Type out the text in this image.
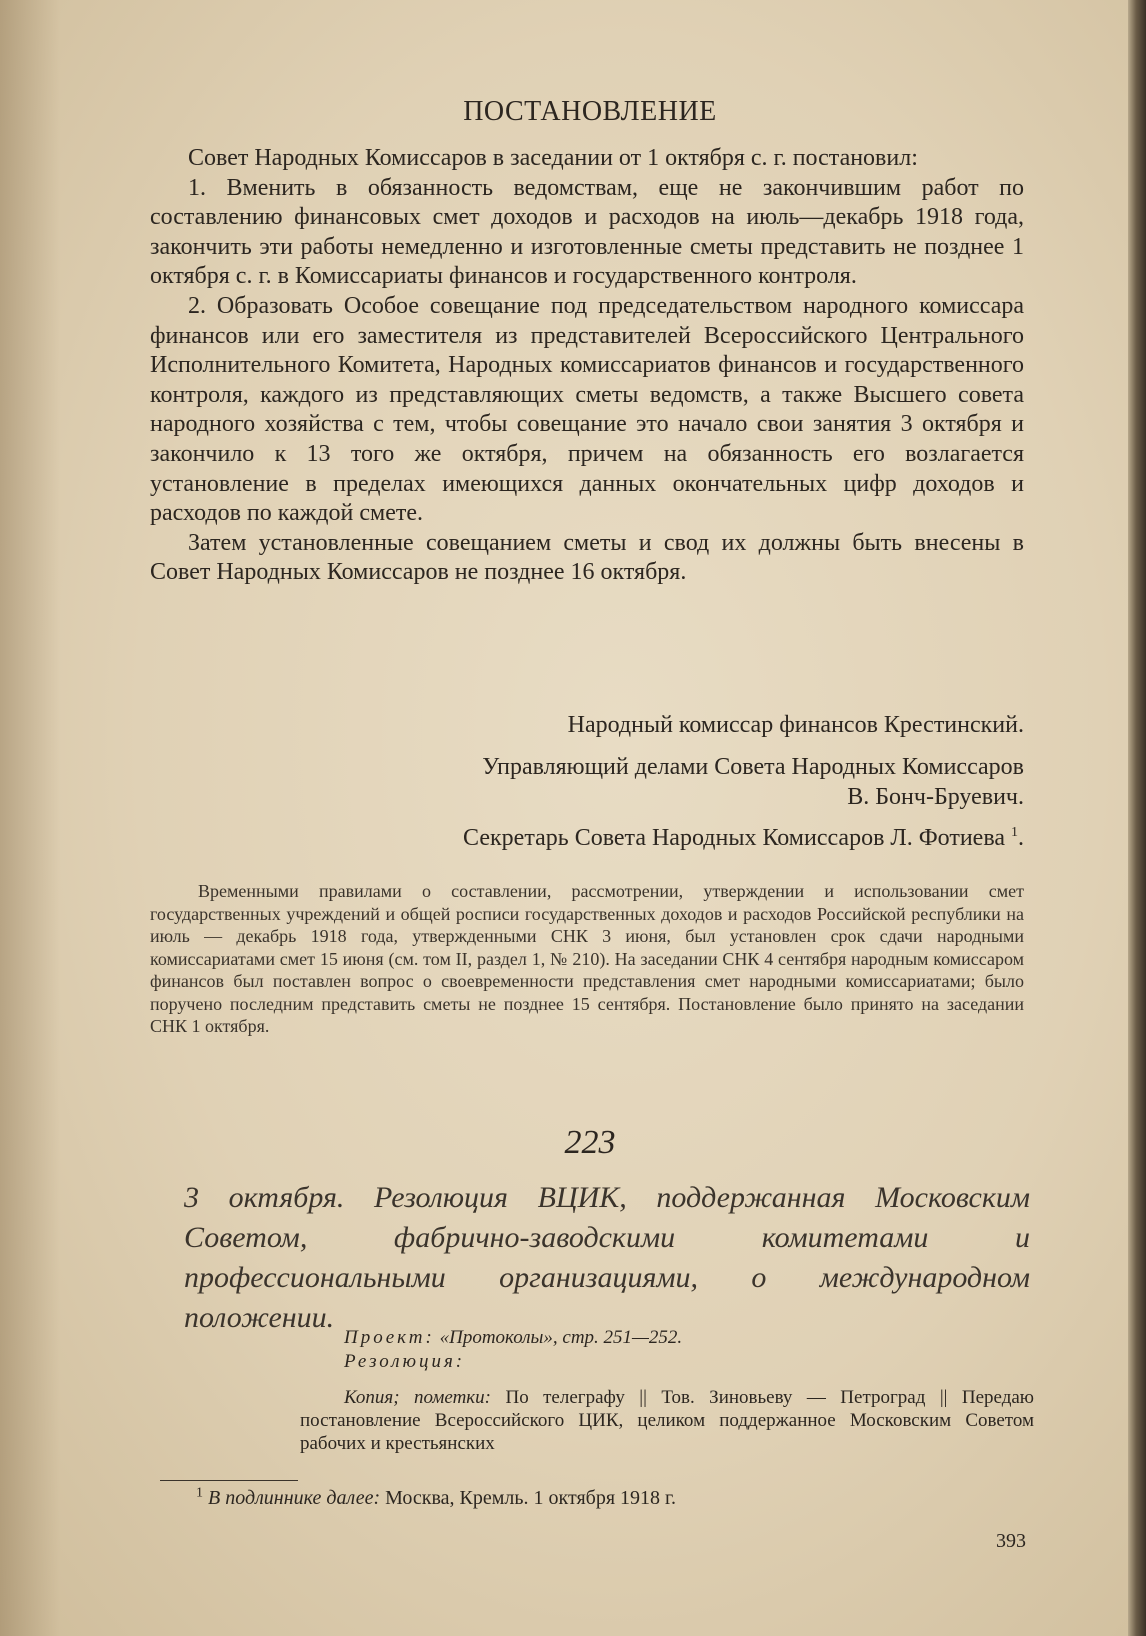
ПОСТАНОВЛЕНИЕ

Совет Народных Комиссаров в заседании от 1 октября с. г. постановил:

1. Вменить в обязанность ведомствам, еще не закончившим работ по составлению финансовых смет доходов и расходов на июль—декабрь 1918 года, закончить эти работы немедленно и изготовленные сметы представить не позднее 1 октября с. г. в Комиссариаты финансов и государственного контроля.

2. Образовать Особое совещание под председательством народного комиссара финансов или его заместителя из представителей Всероссийского Центрального Исполнительного Комитета, Народных комиссариатов финансов и государственного контроля, каждого из представляющих сметы ведомств, а также Высшего совета народного хозяйства с тем, чтобы совещание это начало свои занятия 3 октября и закончило к 13 того же октября, причем на обязанность его возлагается установление в пределах имеющихся данных окончательных цифр доходов и расходов по каждой смете.

Затем установленные совещанием сметы и свод их должны быть внесены в Совет Народных Комиссаров не позднее 16 октября.

Народный комиссар финансов Крестинский.
Управляющий делами Совета Народных Комиссаров
В. Бонч-Бруевич.
Секретарь Совета Народных Комиссаров Л. Фотиева $^1$.
Временными правилами о составлении, рассмотрении, утверждении и использовании смет государственных учреждений и общей росписи государственных доходов и расходов Российской республики на июль — декабрь 1918 года, утвержденными СНК 3 июня, был установлен срок сдачи народными комиссариатами смет 15 июня (см. том II, раздел 1, № 210). На заседании СНК 4 сентября народным комиссаром финансов был поставлен вопрос о своевременности представления смет народными комиссариатами; было поручено последним представить сметы не позднее 15 сентября. Постановление было принято на заседании СНК 1 октября.
223
3 октября. Резолюция ВЦИК, поддержанная Московским Советом, фабрично-заводскими комитетами и профессиональными организациями, о международном положении.
Проект: «Протоколы», стр. 251—252.
Резолюция:
Копия; пометки: По телеграфу || Тов. Зиновьеву — Петроград || Передаю постановление Всероссийского ЦИК, целиком поддержанное Московским Советом рабочих и крестьянских
$^1$ В подлиннике далее: Москва, Кремль. 1 октября 1918 г.
393
